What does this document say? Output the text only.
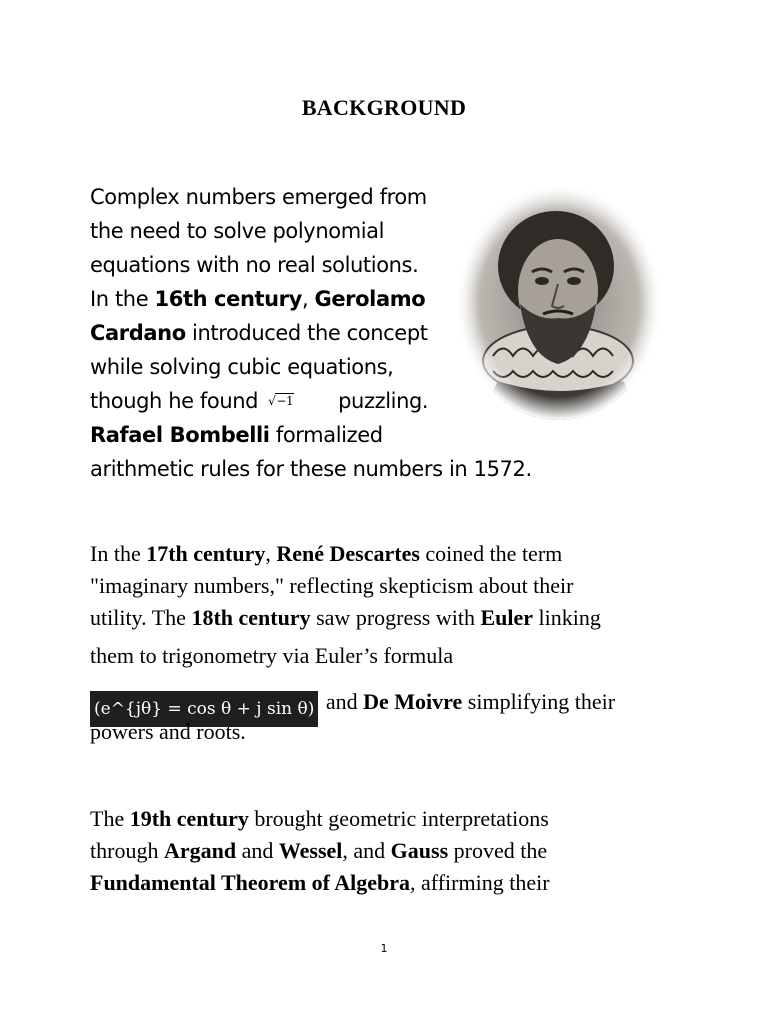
BACKGROUND
Complex numbers emerged from
the need to solve polynomial
equations with no real solutions.
In the 16th century, Gerolamo
Cardano introduced the concept
while solving cubic equations,
though he found √−1 puzzling.
Rafael Bombelli formalized
arithmetic rules for these numbers in 1572.
In the 17th century, René Descartes coined the term
"imaginary numbers," reflecting skepticism about their
utility. The 18th century saw progress with Euler linking
them to trigonometry via Euler’s formula
(e^{jθ} = cos θ + j sin θ) and De Moivre simplifying their
powers and roots.
The 19th century brought geometric interpretations
through Argand and Wessel, and Gauss proved the
Fundamental Theorem of Algebra, affirming their
1
